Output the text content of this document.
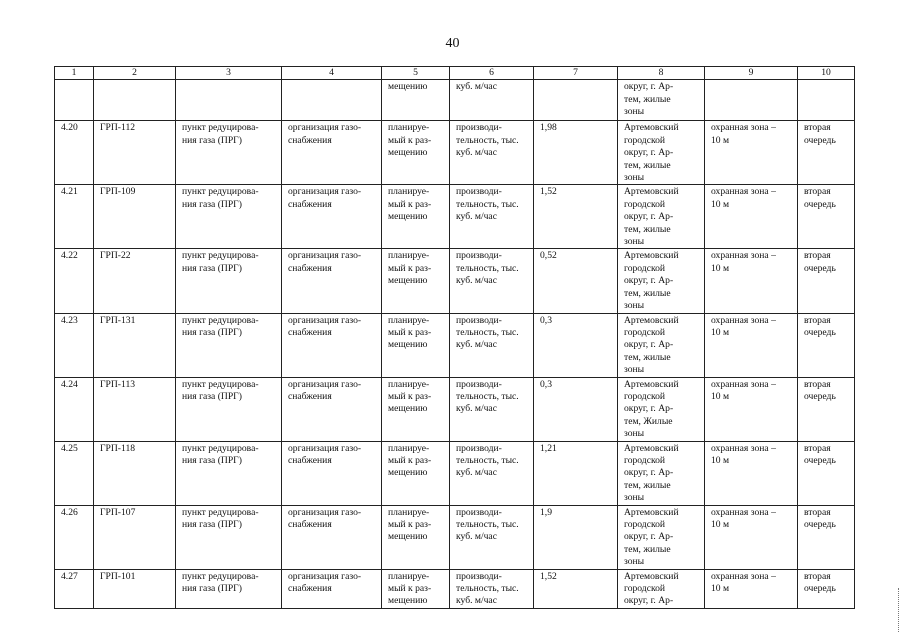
40
1	2	3	4	5	6	7	8	9	10

				мещению	куб. м/час		округ, г. Ар-
тем, жилые
зоны		

4.20	ГРП-112	пункт редуцирова-
ния газа (ПРГ)	организация газо-
снабжения	планируе-
мый к раз-
мещению	производи-
тельность, тыс.
куб. м/час	1,98	Артемовский
городской
округ, г. Ар-
тем, жилые
зоны	охранная зона –
10 м	вторая
очередь

4.21	ГРП-109	пункт редуцирова-
ния газа (ПРГ)	организация газо-
снабжения	планируе-
мый к раз-
мещению	производи-
тельность, тыс.
куб. м/час	1,52	Артемовский
городской
округ, г. Ар-
тем, жилые
зоны	охранная зона –
10 м	вторая
очередь

4.22	ГРП-22	пункт редуцирова-
ния газа (ПРГ)	организация газо-
снабжения	планируе-
мый к раз-
мещению	производи-
тельность, тыс.
куб. м/час	0,52	Артемовский
городской
округ, г. Ар-
тем, жилые
зоны	охранная зона –
10 м	вторая
очередь

4.23	ГРП-131	пункт редуцирова-
ния газа (ПРГ)	организация газо-
снабжения	планируе-
мый к раз-
мещению	производи-
тельность, тыс.
куб. м/час	0,3	Артемовский
городской
округ, г. Ар-
тем, жилые
зоны	охранная зона –
10 м	вторая
очередь

4.24	ГРП-113	пункт редуцирова-
ния газа (ПРГ)	организация газо-
снабжения	планируе-
мый к раз-
мещению	производи-
тельность, тыс.
куб. м/час	0,3	Артемовский
городской
округ, г. Ар-
тем, Жилые
зоны	охранная зона –
10 м	вторая
очередь

4.25	ГРП-118	пункт редуцирова-
ния газа (ПРГ)	организация газо-
снабжения	планируе-
мый к раз-
мещению	производи-
тельность, тыс.
куб. м/час	1,21	Артемовский
городской
округ, г. Ар-
тем, жилые
зоны	охранная зона –
10 м	вторая
очередь

4.26	ГРП-107	пункт редуцирова-
ния газа (ПРГ)	организация газо-
снабжения	планируе-
мый к раз-
мещению	производи-
тельность, тыс.
куб. м/час	1,9	Артемовский
городской
округ, г. Ар-
тем, жилые
зоны	охранная зона –
10 м	вторая
очередь

4.27	ГРП-101	пункт редуцирова-
ния газа (ПРГ)	организация газо-
снабжения	планируе-
мый к раз-
мещению	производи-
тельность, тыс.
куб. м/час	1,52	Артемовский
городской
округ, г. Ар-	охранная зона –
10 м	вторая
очередь
